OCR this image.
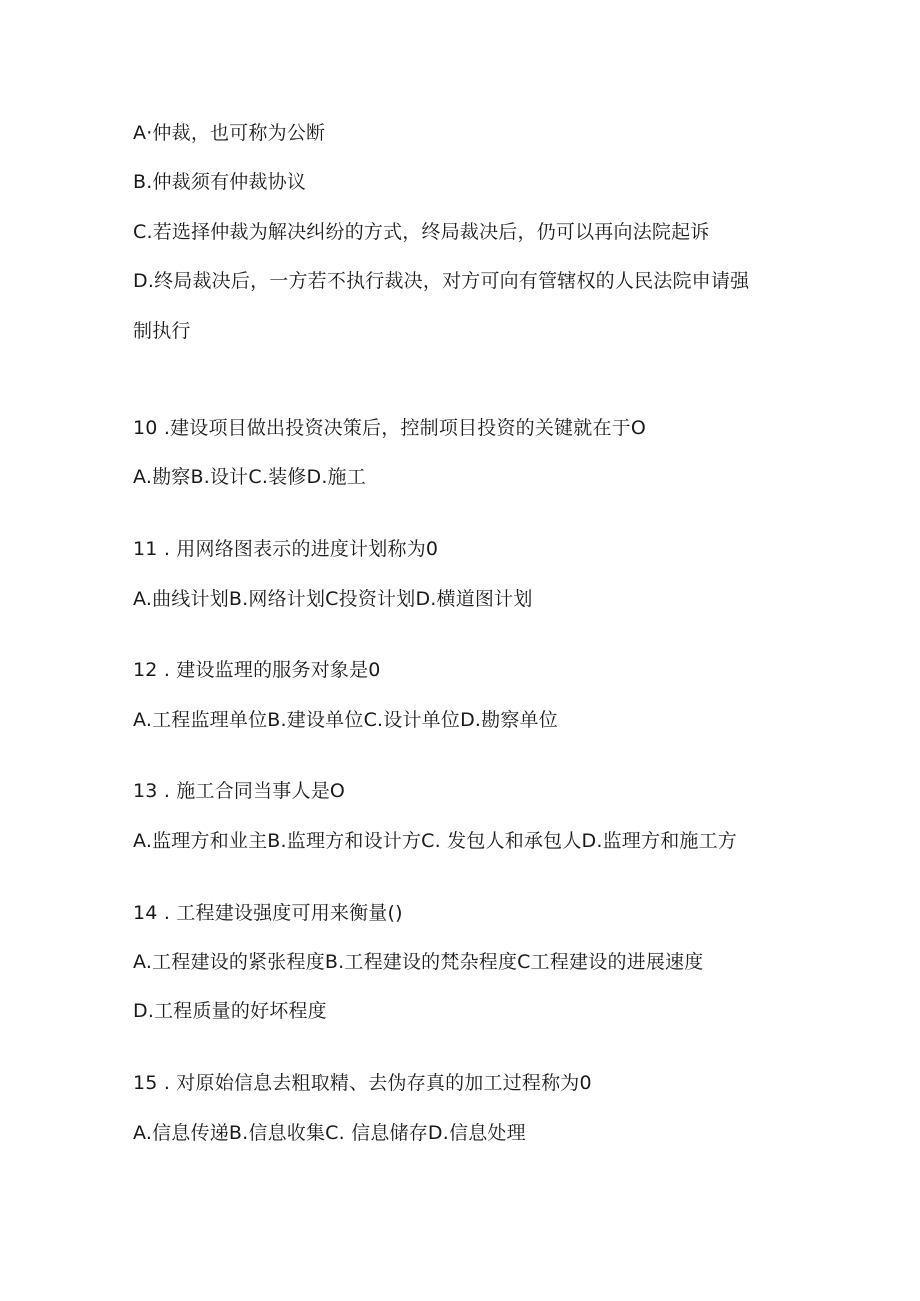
A·仲裁，也可称为公断
B.仲裁须有仲裁协议
C.若选择仲裁为解决纠纷的方式，终局裁决后，仍可以再向法院起诉
D.终局裁决后，一方若不执行裁决，对方可向有管辖权的人民法院申请强
制执行
10 .建设项目做出投资决策后，控制项目投资的关键就在于O
A.勘察B.设计C.装修D.施工
11 . 用网络图表示的进度计划称为0
A.曲线计划B.网络计划C投资计划D.横道图计划
12 . 建设监理的服务对象是0
A.工程监理单位B.建设单位C.设计单位D.勘察单位
13 . 施工合同当事人是O
A.监理方和业主B.监理方和设计方C. 发包人和承包人D.监理方和施工方
14 . 工程建设强度可用来衡量()
A.工程建设的紧张程度B.工程建设的梵杂程度C工程建设的进展速度
D.工程质量的好坏程度
15 . 对原始信息去粗取精、去伪存真的加工过程称为0
A.信息传递B.信息收集C. 信息储存D.信息处理
